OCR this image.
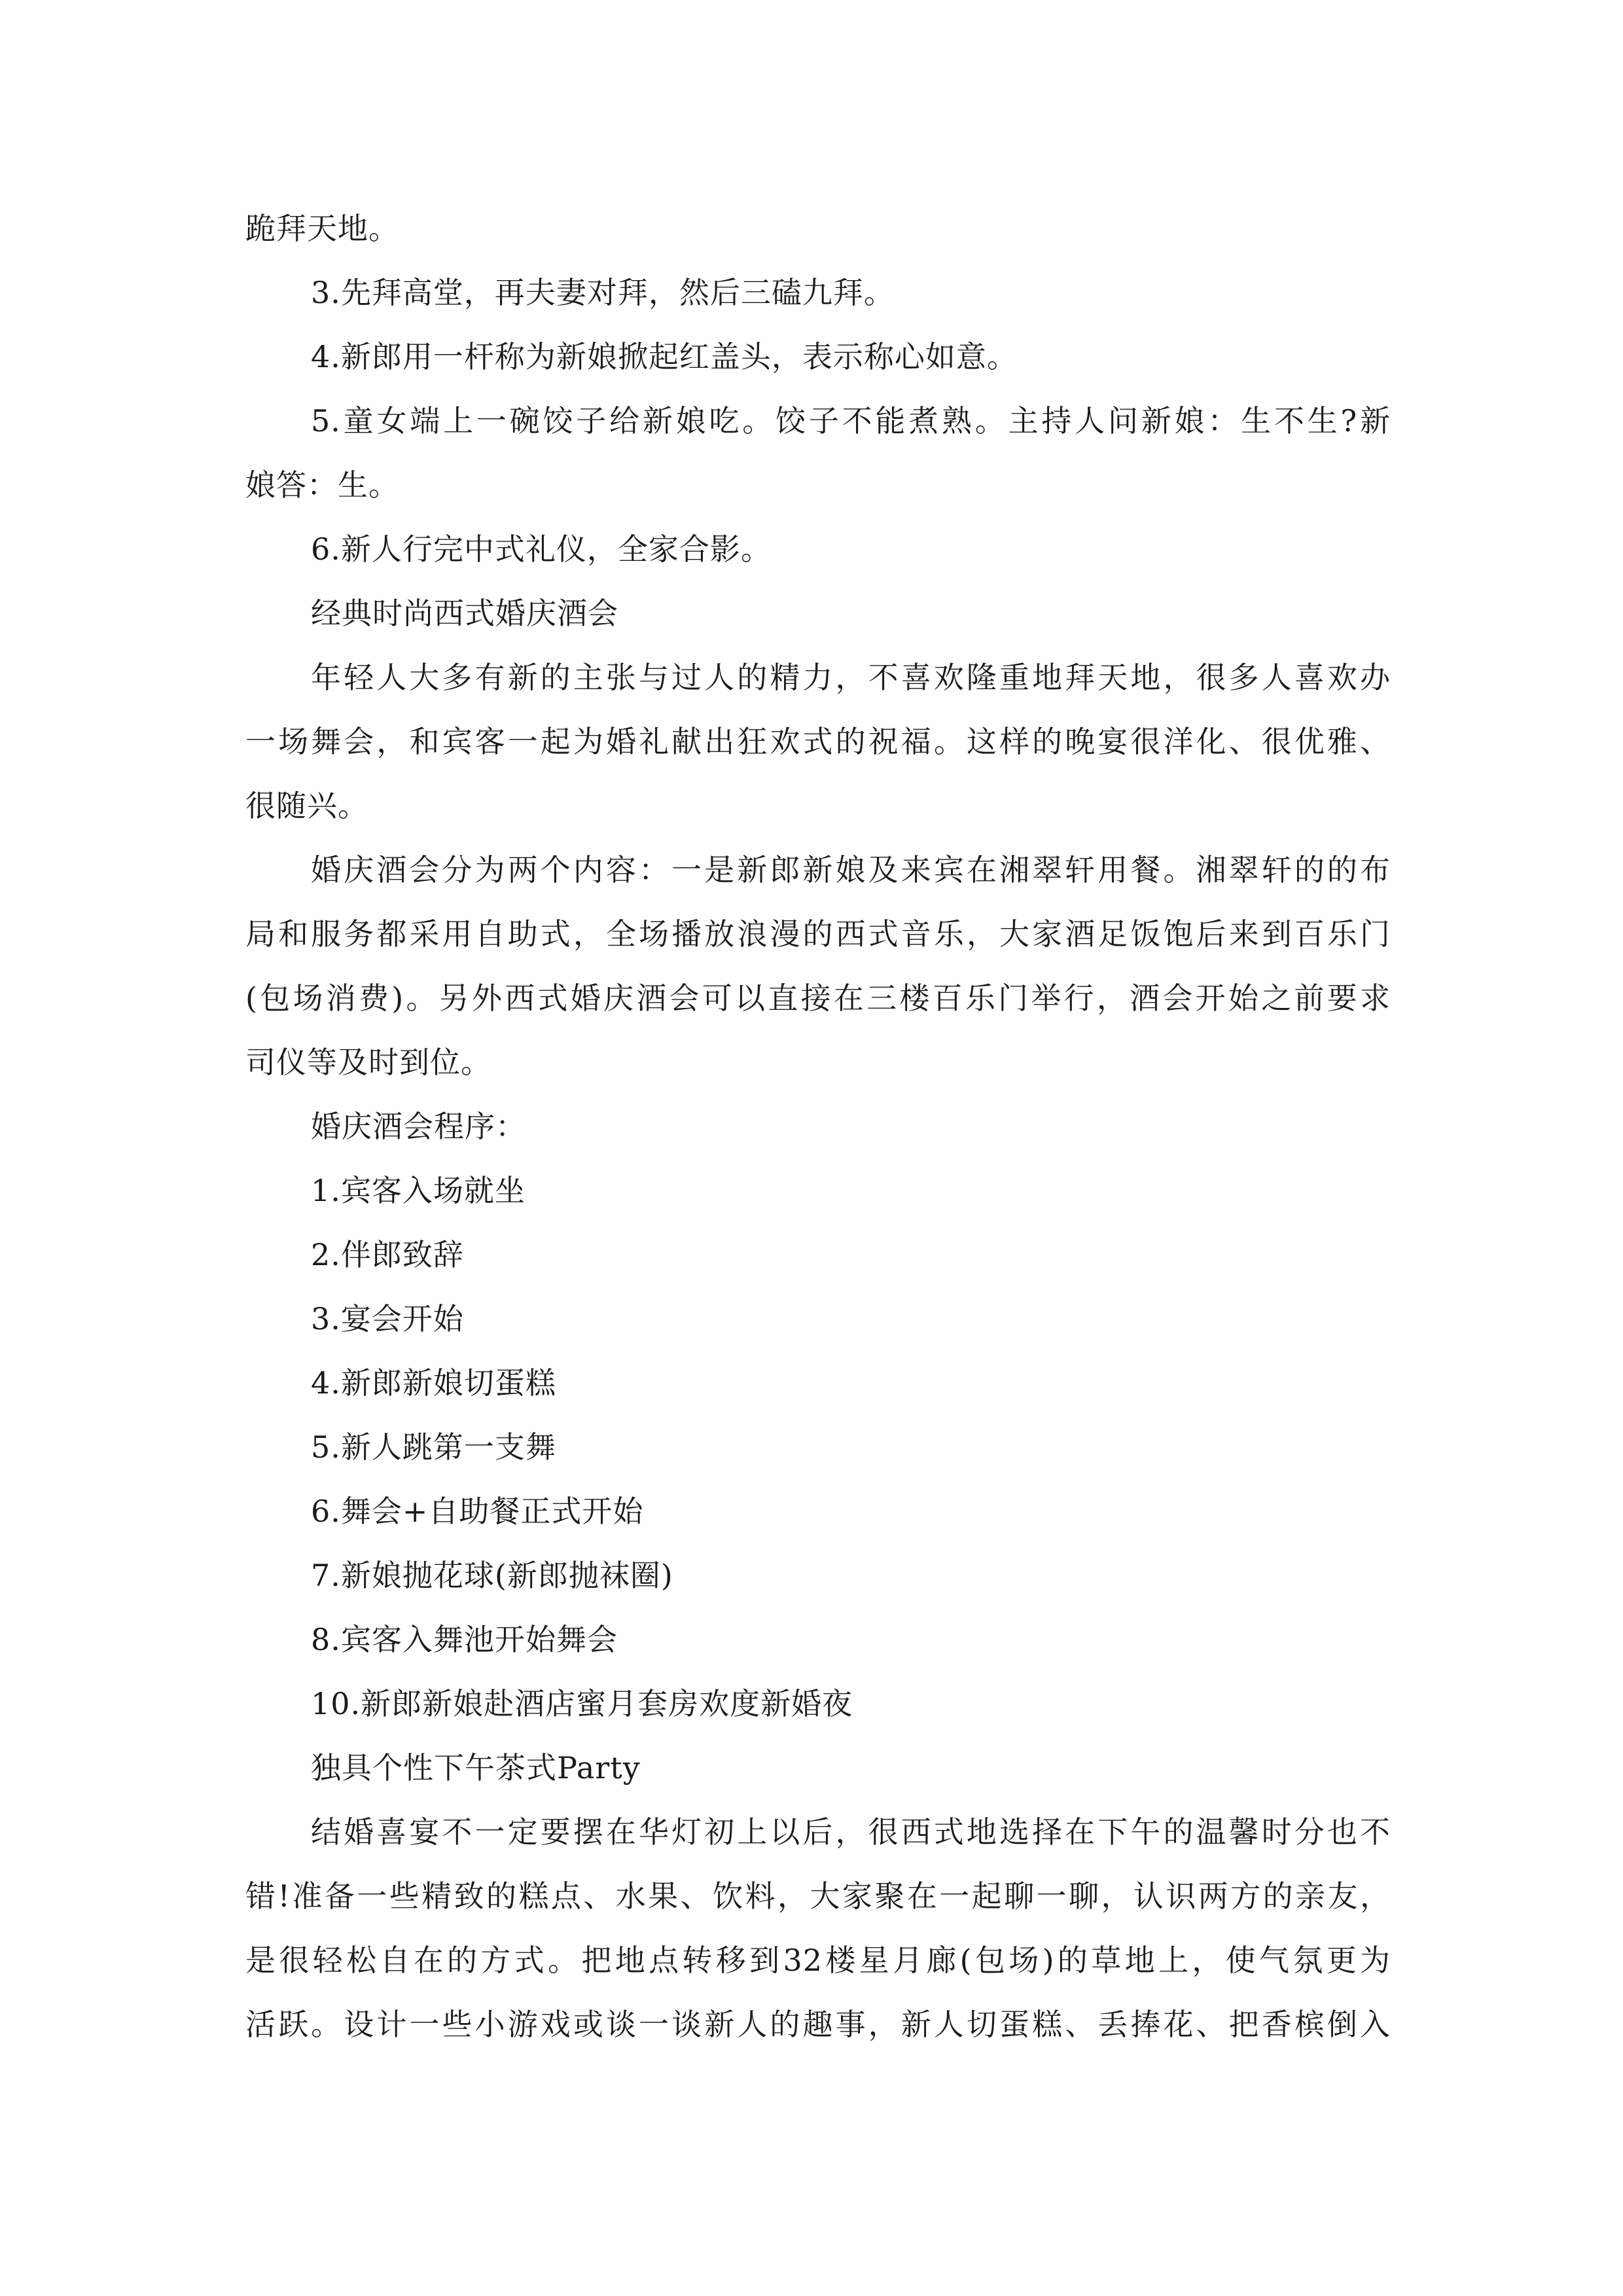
跪拜天地。
3.先拜高堂，再夫妻对拜，然后三磕九拜。
4.新郎用一杆称为新娘掀起红盖头，表示称心如意。
5.童女端上一碗饺子给新娘吃。饺子不能煮熟。主持人问新娘：生不生?新
娘答：生。
6.新人行完中式礼仪，全家合影。
经典时尚西式婚庆酒会
年轻人大多有新的主张与过人的精力，不喜欢隆重地拜天地，很多人喜欢办
一场舞会，和宾客一起为婚礼献出狂欢式的祝福。这样的晚宴很洋化、很优雅、
很随兴。
婚庆酒会分为两个内容：一是新郎新娘及来宾在湘翠轩用餐。湘翠轩的的布
局和服务都采用自助式，全场播放浪漫的西式音乐，大家酒足饭饱后来到百乐门
(包场消费)。另外西式婚庆酒会可以直接在三楼百乐门举行，酒会开始之前要求
司仪等及时到位。
婚庆酒会程序：
1.宾客入场就坐
2.伴郎致辞
3.宴会开始
4.新郎新娘切蛋糕
5.新人跳第一支舞
6.舞会+自助餐正式开始
7.新娘抛花球(新郎抛袜圈)
8.宾客入舞池开始舞会
10.新郎新娘赴酒店蜜月套房欢度新婚夜
独具个性下午茶式Party
结婚喜宴不一定要摆在华灯初上以后，很西式地选择在下午的温馨时分也不
错!准备一些精致的糕点、水果、饮料，大家聚在一起聊一聊，认识两方的亲友，
是很轻松自在的方式。把地点转移到32楼星月廊(包场)的草地上，使气氛更为
活跃。设计一些小游戏或谈一谈新人的趣事，新人切蛋糕、丢捧花、把香槟倒入
